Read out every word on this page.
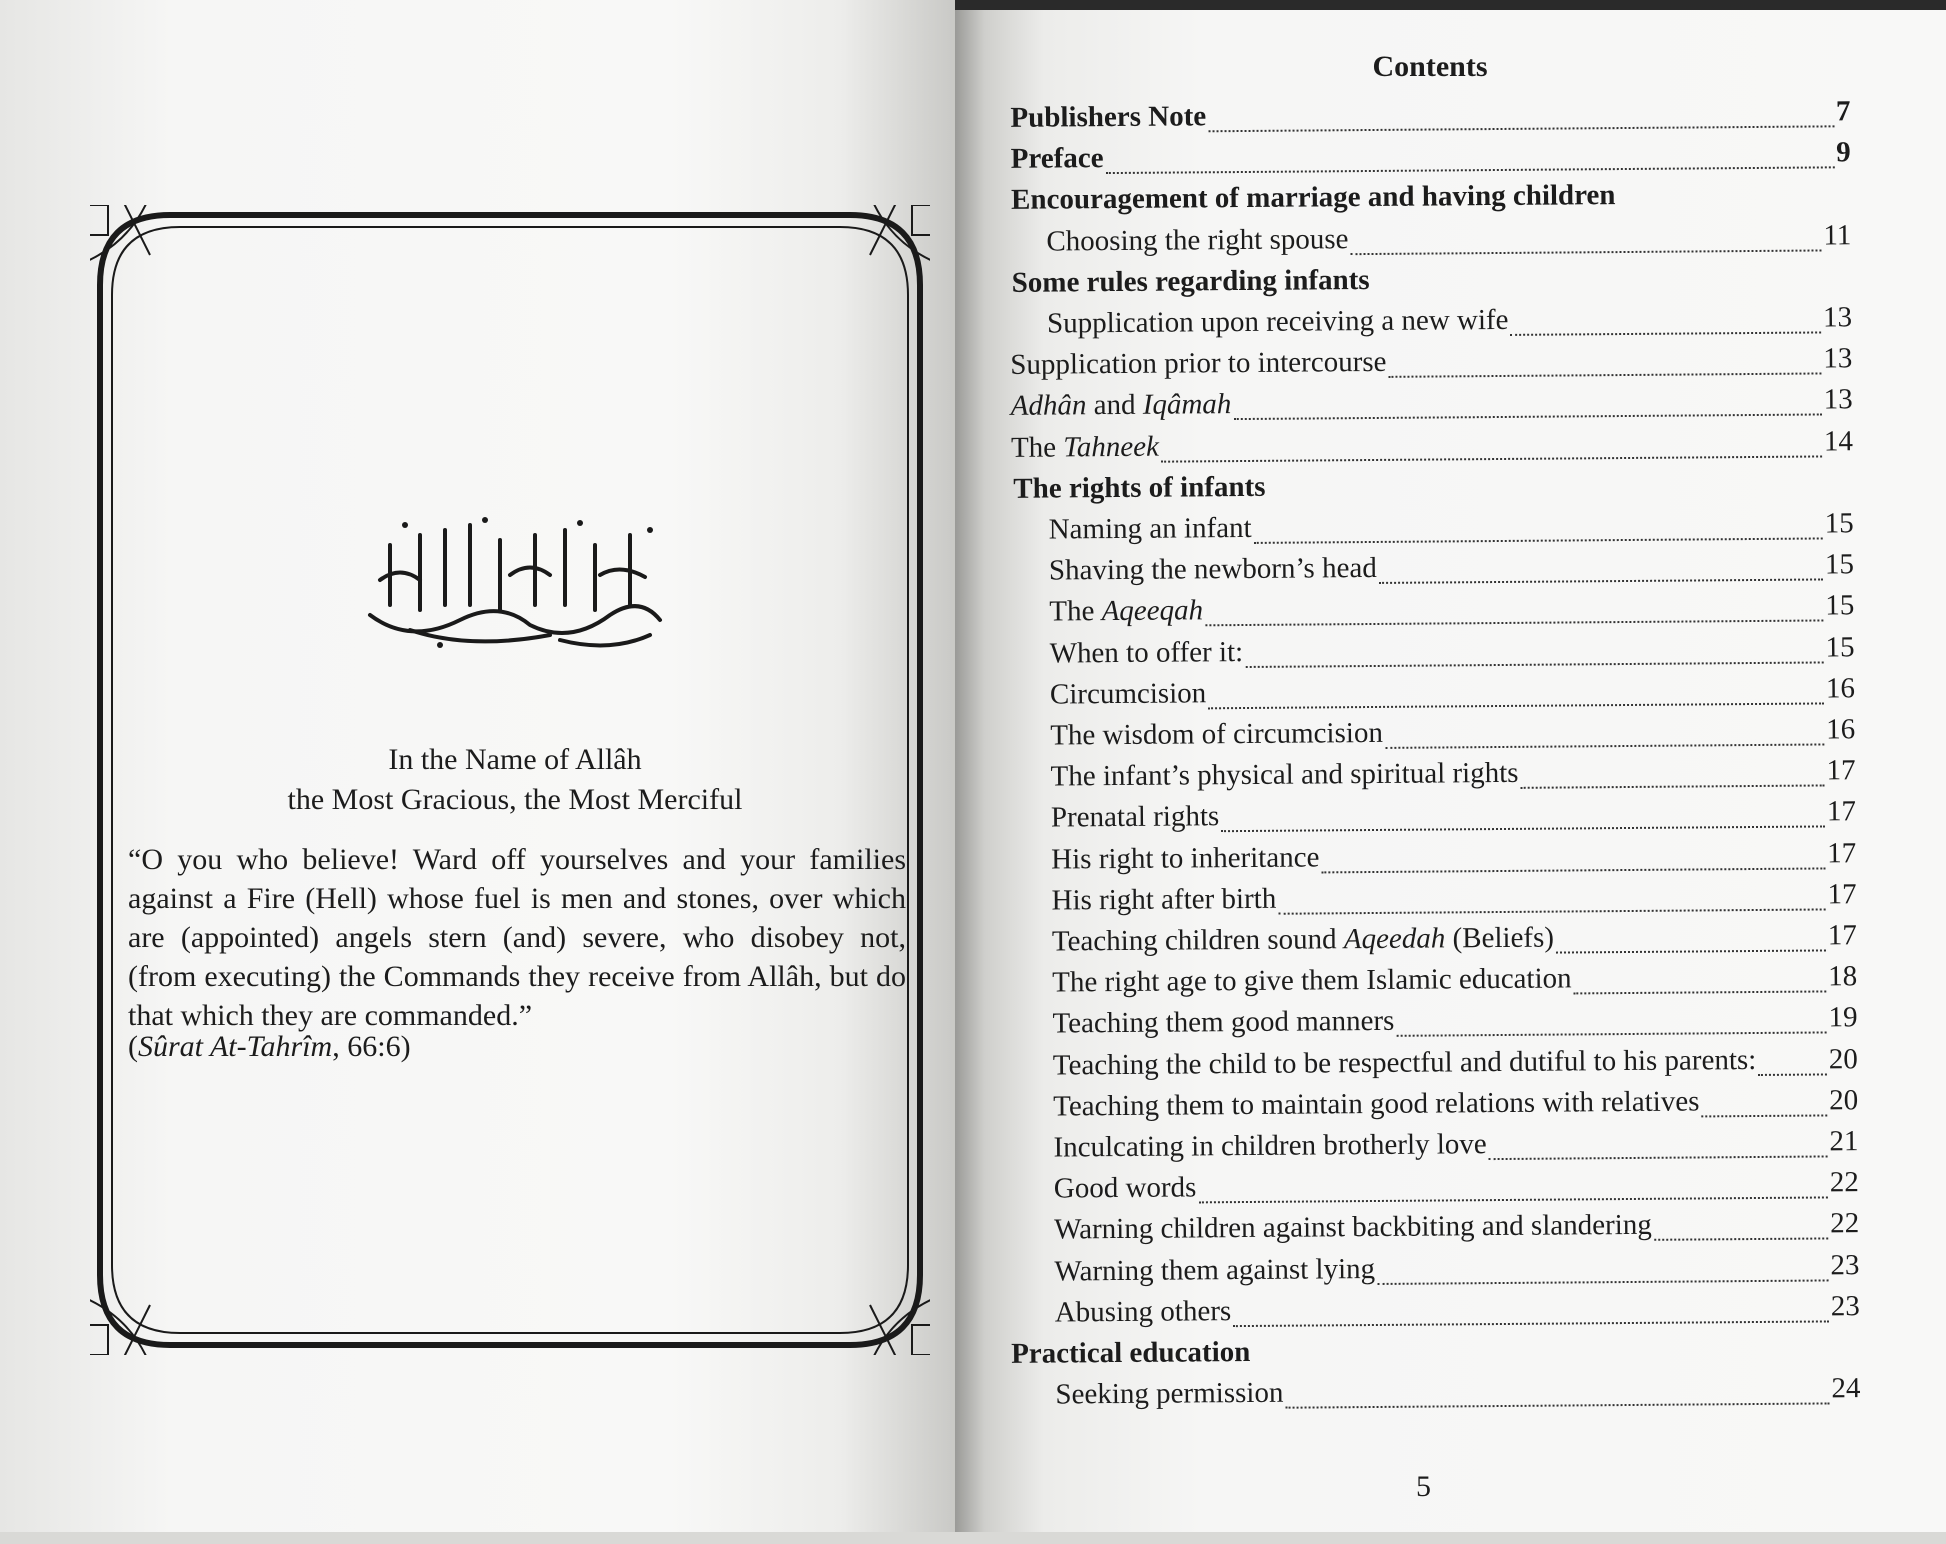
In the Name of Allâh
the Most Gracious, the Most Merciful
“O you who believe! Ward off yourselves and your families against a Fire (Hell) whose fuel is men and stones, over which are (appointed) angels stern (and) severe, who disobey not, (from executing) the Commands they receive from Allâh, but do that which they are commanded.”
(Sûrat At-Tahrîm, 66:6)
Contents
Publishers Note	7
Preface	9
Encouragement of marriage and having children
Choosing the right spouse	11
Some rules regarding infants
Supplication upon receiving a new wife	13
Supplication prior to intercourse	13
Adhân and Iqâmah	13
The Tahneek	14
The rights of infants
Naming an infant	15
Shaving the newborn’s head	15
The Aqeeqah	15
When to offer it:	15
Circumcision	16
The wisdom of circumcision	16
The infant’s physical and spiritual rights	17
Prenatal rights	17
His right to inheritance	17
His right after birth	17
Teaching children sound Aqeedah (Beliefs)	17
The right age to give them Islamic education	18
Teaching them good manners	19
Teaching the child to be respectful and dutiful to his parents: 20
Teaching them to maintain good relations with relatives	20
Inculcating in children brotherly love	21
Good words	22
Warning children against backbiting and slandering	22
Warning them against lying	23
Abusing others	23
Practical education
Seeking permission	24
5
